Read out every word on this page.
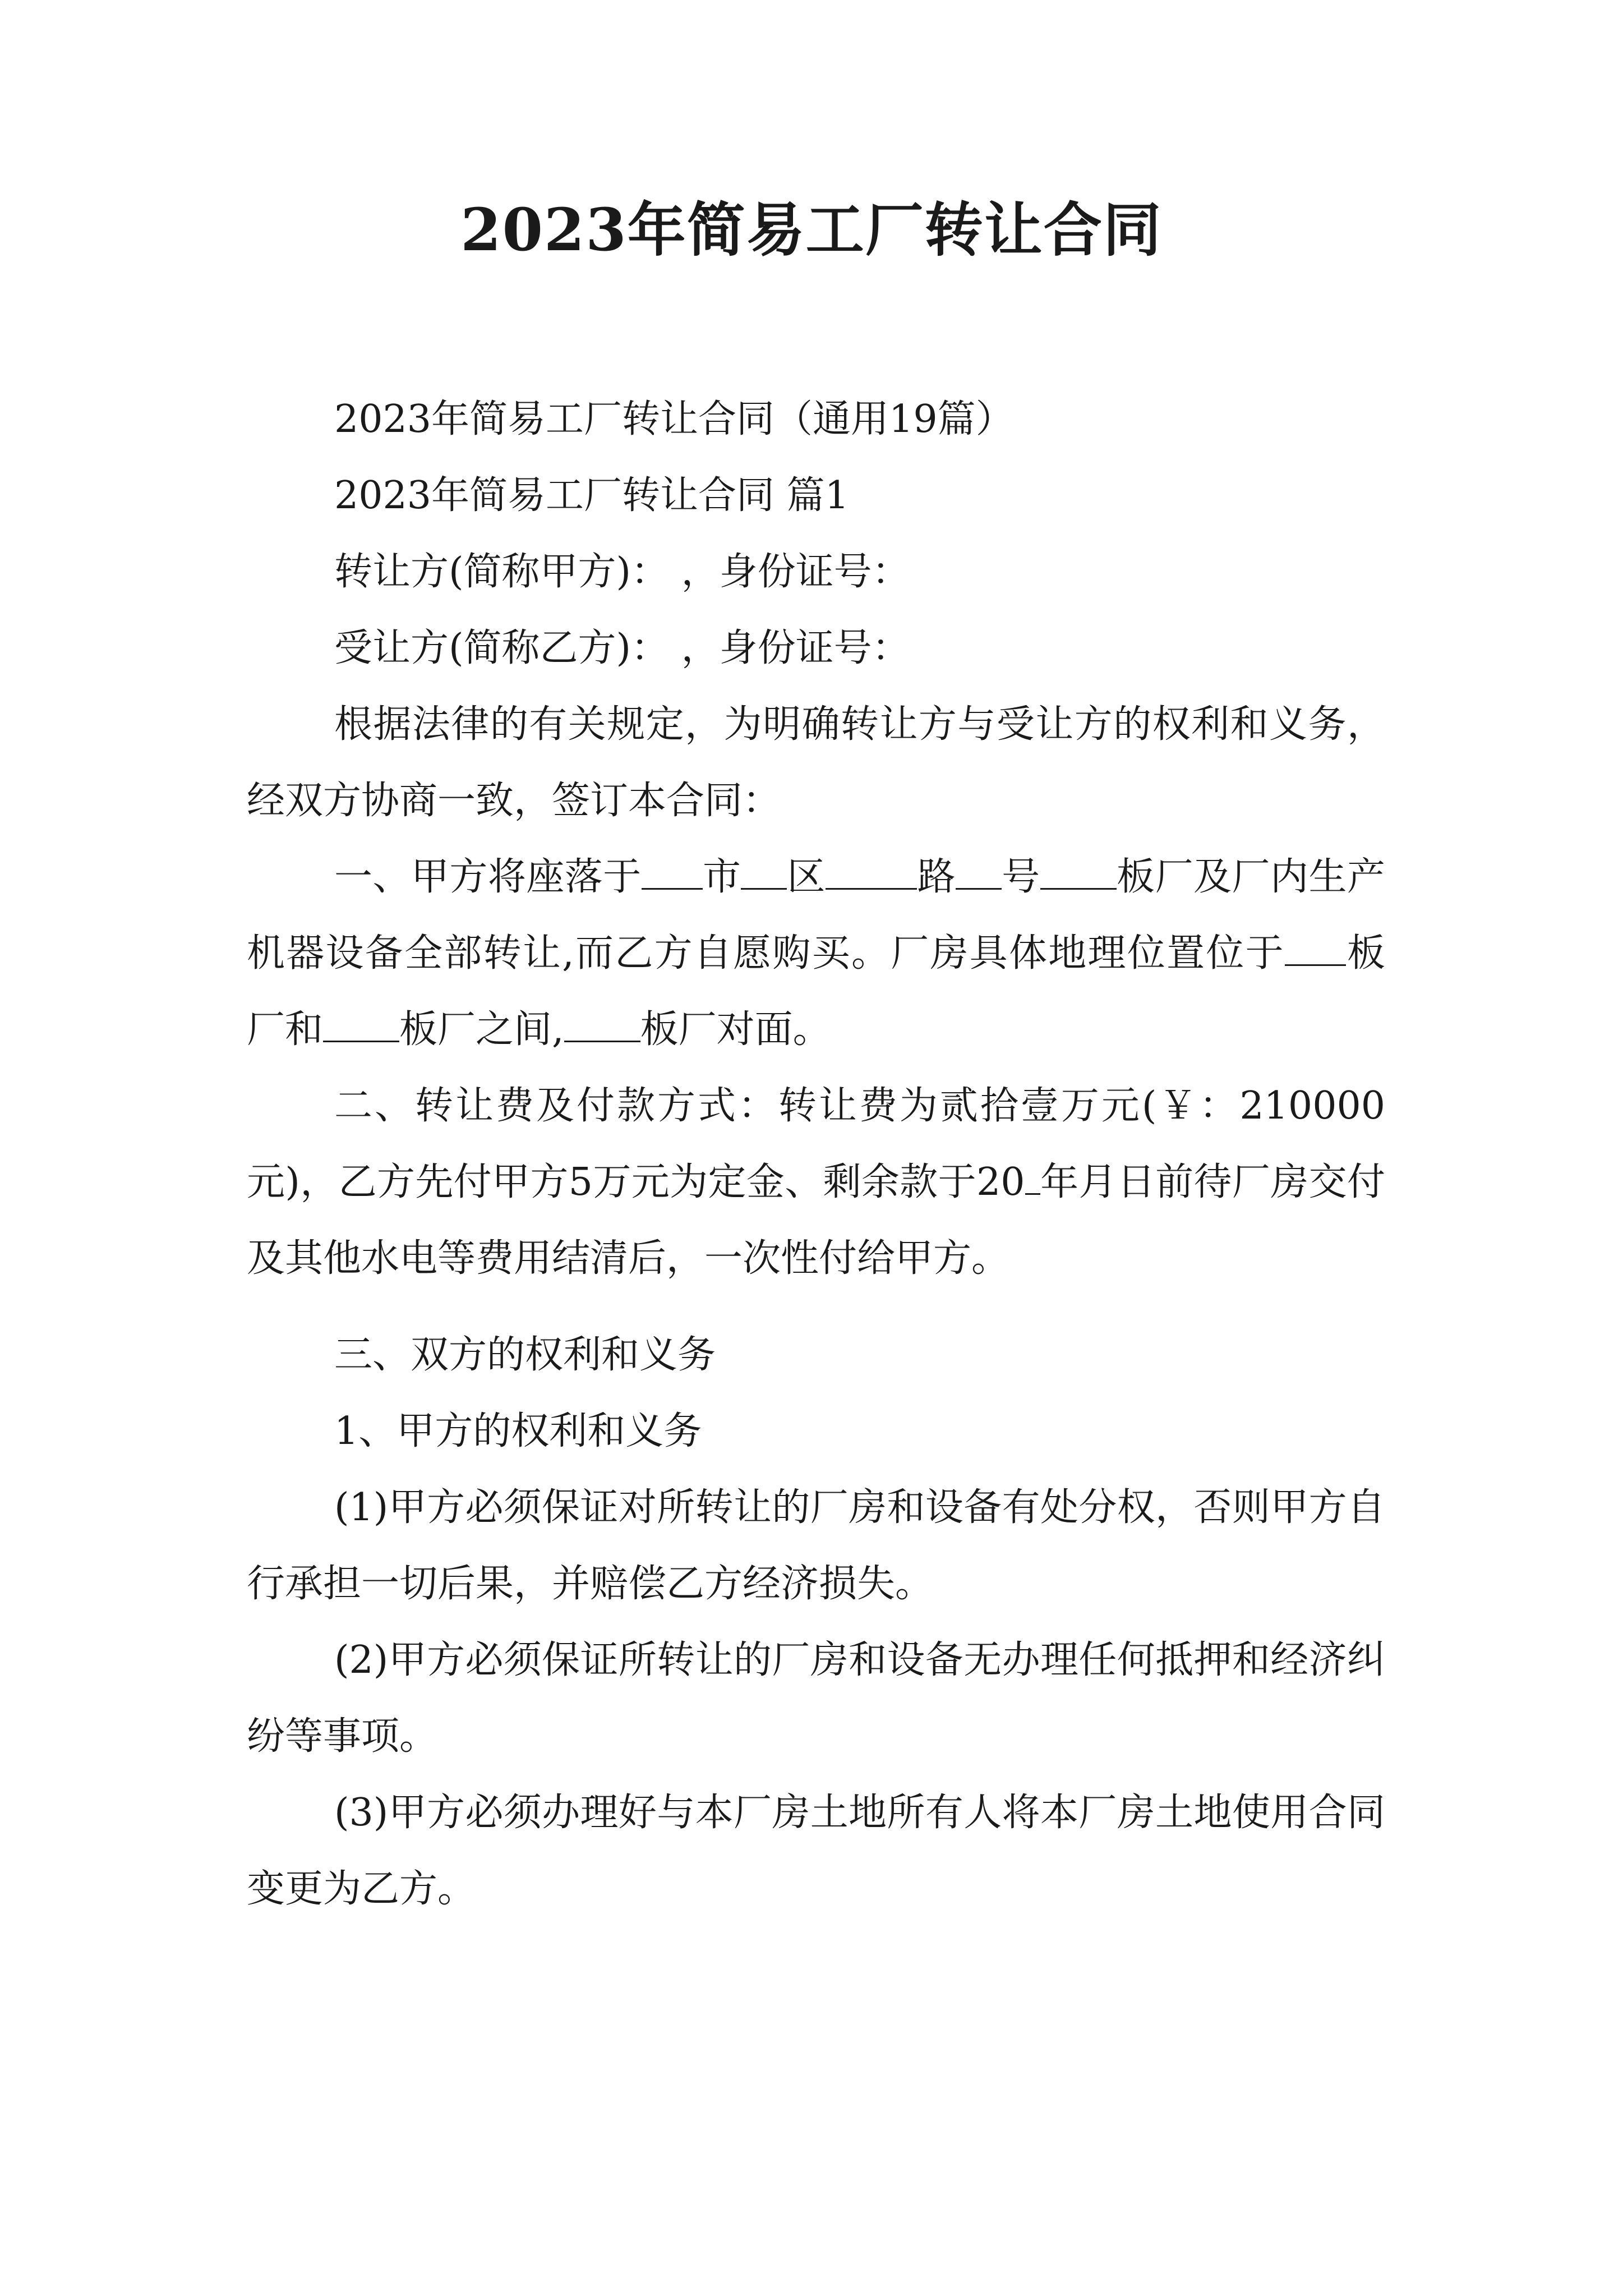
2023年简易工厂转让合同

2023年简易工厂转让合同（通用19篇）

2023年简易工厂转让合同 篇1

转让方(简称甲方)： ，身份证号：

受让方(简称乙方)： ，身份证号：

根据法律的有关规定，为明确转让方与受让方的权利和义务，经双方协商一致，签订本合同：

一、甲方将座落于 市 区 路 号 板厂及厂内生产机器设备全部转让,而乙方自愿购买。厂房具体地理位置位于 板厂和 板厂之间, 板厂对面。

二、转让费及付款方式：转让费为贰拾壹万元(￥：210000元)，乙方先付甲方5万元为定金、剩余款于20 年月日前待厂房交付及其他水电等费用结清后，一次性付给甲方。

三、双方的权利和义务

1、甲方的权利和义务

(1)甲方必须保证对所转让的厂房和设备有处分权，否则甲方自行承担一切后果，并赔偿乙方经济损失。

(2)甲方必须保证所转让的厂房和设备无办理任何抵押和经济纠纷等事项。

(3)甲方必须办理好与本厂房土地所有人将本厂房土地使用合同变更为乙方。
